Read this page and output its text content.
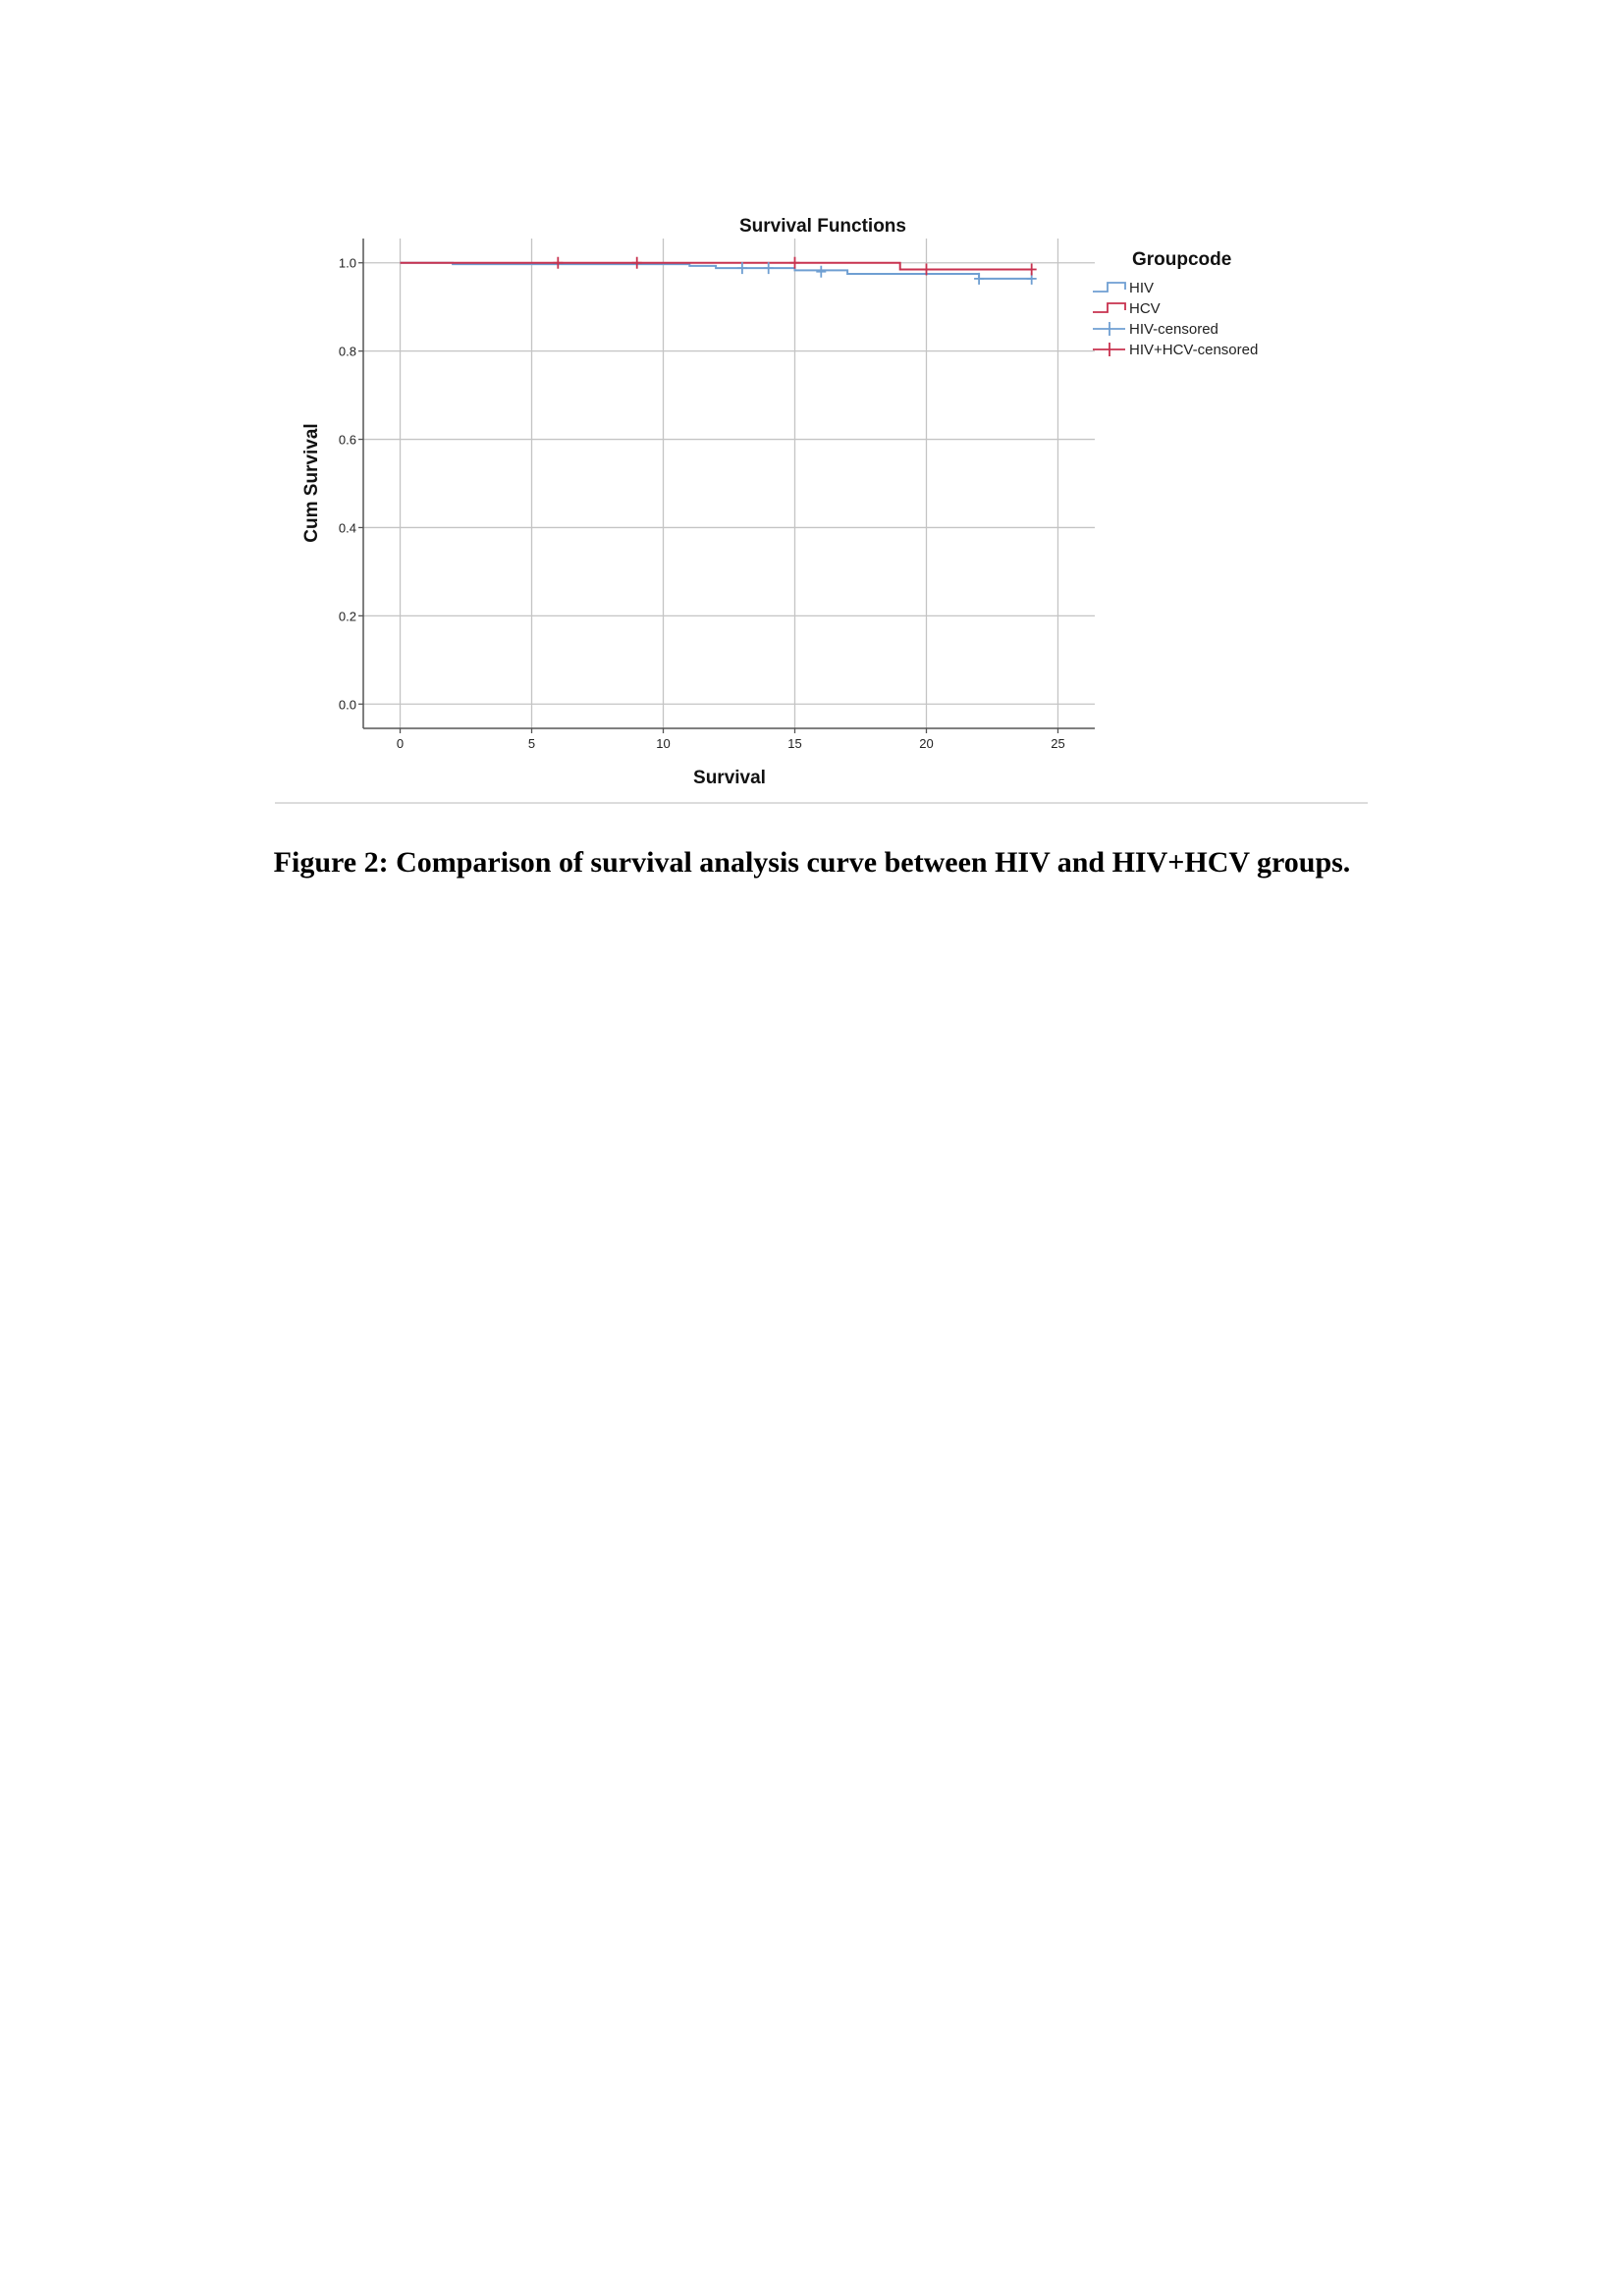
0	5	10	15	20	25
0.0
0.2
0.4
0.6
0.8
1.0
Survival Functions
Survival
Cum Survival
Groupcode
HIV
HCV
HIV-censored
HIV+HCV-censored
Figure 2: Comparison of survival analysis curve between HIV and HIV+HCV groups.
